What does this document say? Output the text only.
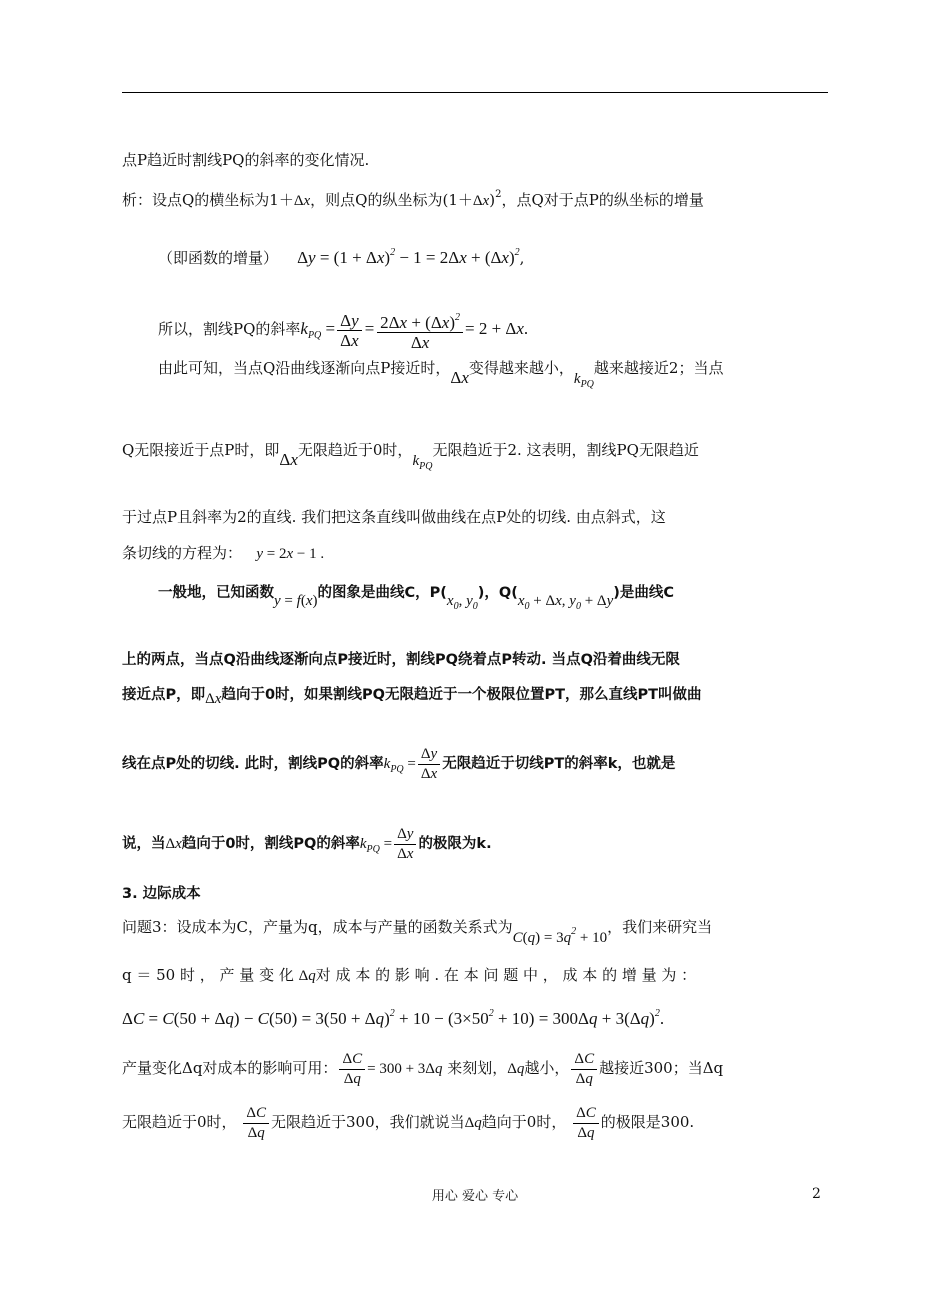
点P趋近时割线PQ的斜率的变化情况.
析：设点Q的横坐标为1＋Δx，则点Q的纵坐标为$(1+\Delta x)^2$，点Q对于点P的纵坐标的增量
（即函数的增量） $\Delta y = (1 + \Delta x)^2 - 1 = 2\Delta x + (\Delta x)^2$,
所以，割线PQ的斜率$k_{PQ} = \frac{\Delta y}{\Delta x} = \frac{2\Delta x + (\Delta x)^2}{\Delta x} = 2 + \Delta x$.
由此可知，当点Q沿曲线逐渐向点P接近时，Δx变得越来越小，$k_{PQ}$越来越接近2；当点
Q无限接近于点P时，即Δx无限趋近于0时，$k_{PQ}$无限趋近于2. 这表明，割线PQ无限趋近
于过点P且斜率为2的直线. 我们把这条直线叫做曲线在点P处的切线. 由点斜式，这
条切线的方程为： y = 2x − 1 .
一般地，已知函数y = f(x)的图象是曲线C，$P(x_0$, $y_0$)，$Q(x_0 + \Delta x$, $y_0 + \Delta y$)是曲线C
上的两点，当点Q沿曲线逐渐向点P接近时，割线PQ绕着点P转动. 当点Q沿着曲线无限
接近点P，即Δx趋向于0时，如果割线PQ无限趋近于一个极限位置PT，那么直线PT叫做曲
线在点P处的切线. 此时，割线PQ的斜率$k_{PQ} = \frac{\Delta y}{\Delta x}$ 无限趋近于切线PT的斜率k，也就是
说，当Δx趋向于0时，割线PQ的斜率$k_{PQ} = \frac{\Delta y}{\Delta x}$ 的极限为k.
3. 边际成本
问题3：设成本为C，产量为q，成本与产量的函数关系式为$C(q) = 3q^2 + 10$，我们来研究当
q ＝ 50 时 ， 产 量 变 化 Δq对 成 本 的 影 响 . 在 本 问 题 中 ， 成 本 的 增 量 为 ：
$\Delta C = C(50 + \Delta q) - C(50) = 3(50 + \Delta q)^2 + 10 - (3\times 50^2 + 10) = 300\Delta q + 3(\Delta q)^2$.
产量变化Δq对成本的影响可用： $\frac{\Delta C}{\Delta q} = 300 + 3\Delta q$ 来刻划，Δq越小， $\frac{\Delta C}{\Delta q}$ 越接近300；当Δq
无限趋近于0时， $\frac{\Delta C}{\Delta q}$ 无限趋近于300，我们就说当Δq趋向于0时， $\frac{\Delta C}{\Delta q}$ 的极限是300.
用心 爱心 专心	2
